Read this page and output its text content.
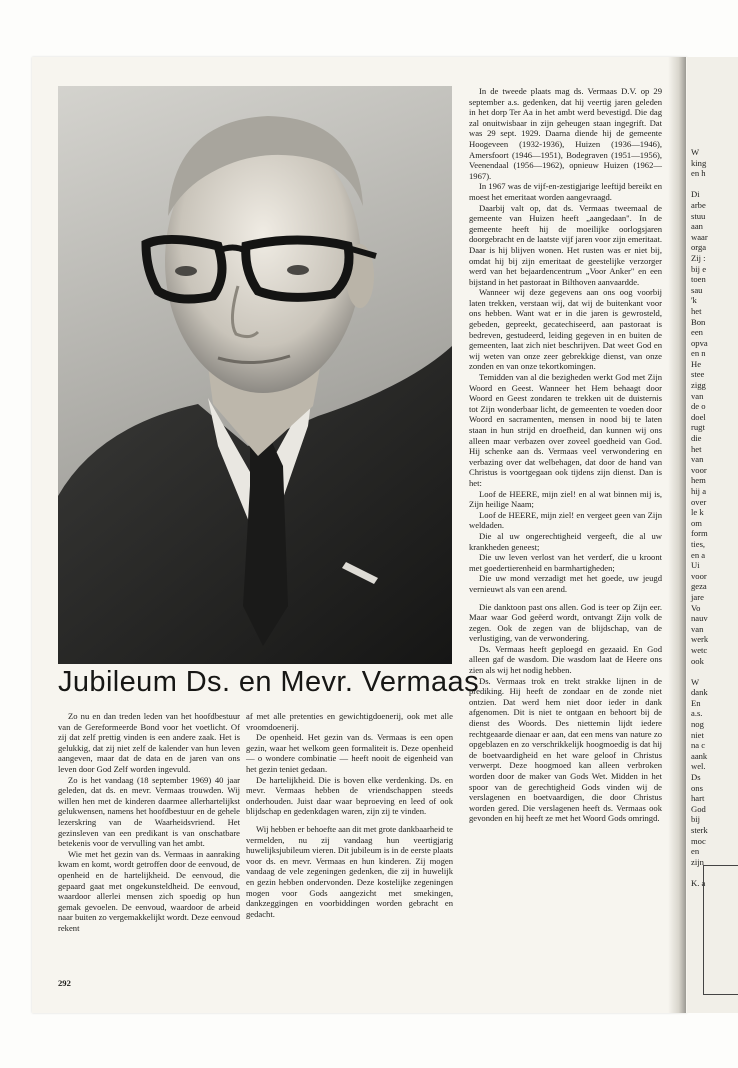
W
king
en h
Di
arbe
stuu
aan
waar
orga
Zij :
bij e
toen
sau
'k
het
Bon
een
opva
en n
He
stee
zigg
van
de o
doel
rugt
die
het
van
voor
hem
hij a
over
le k
om
form
ties,
en a
Ui
voor
geza
jare
Vo
nauv
van
werk
wetc
ook
W
dank
En
a.s.
nog
niet
na c
aank
wel.
Ds
ons
hart
God
bij
sterk
moc
en
zijn
K. a
Jubileum Ds. en Mevr. Vermaas

Zo nu en dan treden leden van het hoofdbestuur van de Gereformeerde Bond voor het voetlicht. Of zij dat zelf prettig vinden is een andere zaak. Het is gelukkig, dat zij niet zelf de kalender van hun leven aangeven, maar dat de data en de jaren van ons leven door God Zelf worden ingevuld.

Zo is het vandaag (18 september 1969) 40 jaar geleden, dat ds. en mevr. Vermaas trouwden. Wij willen hen met de kinderen daarmee allerhartelijkst gelukwensen, namens het hoofdbestuur en de gehele lezerskring van de Waarheidsvriend. Het gezinsleven van een predikant is van onschatbare betekenis voor de vervulling van het ambt.

Wie met het gezin van ds. Vermaas in aanraking kwam en komt, wordt getroffen door de eenvoud, de openheid en de hartelijkheid. De eenvoud, die gepaard gaat met ongekunsteldheid. De eenvoud, waardoor allerlei mensen zich spoedig op hun gemak gevoelen. De eenvoud, waardoor de arbeid naar buiten zo vergemakkelijkt wordt. Deze eenvoud rekent

af met alle pretenties en gewichtigdoenerij, ook met alle vroomdoenerij.

De openheid. Het gezin van ds. Vermaas is een open gezin, waar het welkom geen formaliteit is. Deze openheid — o wondere combinatie — heeft nooit de eigenheid van het gezin teniet gedaan.

De hartelijkheid. Die is boven elke verdenking. Ds. en mevr. Vermaas hebben de vriendschappen steeds onderhouden. Juist daar waar beproeving en leed of ook blijdschap en gedenkdagen waren, zijn zij te vinden.

Wij hebben er behoefte aan dit met grote dankbaarheid te vermelden, nu zij vandaag hun veertigjarig huwelijksjubileum vieren. Dit jubileum is in de eerste plaats voor ds. en mevr. Vermaas en hun kinderen. Zij mogen vandaag de vele zegeningen gedenken, die zij in huwelijk en gezin hebben ondervonden. Deze kostelijke zegeningen mogen voor Gods aangezicht met smekingen, dankzeggingen en voorbiddingen worden gebracht en gedacht.

In de tweede plaats mag ds. Vermaas D.V. op 29 september a.s. gedenken, dat hij veertig jaren geleden in het dorp Ter Aa in het ambt werd bevestigd. Die dag zal onuitwisbaar in zijn geheugen staan ingegrift. Dat was 29 sept. 1929. Daarna diende hij de gemeente Hoogeveen (1932-1936), Huizen (1936—1946), Amersfoort (1946—1951), Bodegraven (1951—1956), Veenendaal (1956—1962), opnieuw Huizen (1962—1967).

In 1967 was de vijf-en-zestigjarige leeftijd bereikt en moest het emeritaat worden aangevraagd.

Daarbij valt op, dat ds. Vermaas tweemaal de gemeente van Huizen heeft „aangedaan". In de gemeente heeft hij de moeilijke oorlogsjaren doorgebracht en de laatste vijf jaren voor zijn emeritaat. Daar is hij blijven wonen. Het rusten was er niet bij, omdat hij bij zijn emeritaat de geestelijke verzorger werd van het bejaardencentrum „Voor Anker" en een bijstand in het pastoraat in Bilthoven aanvaardde.

Wanneer wij deze gegevens aan ons oog voorbij laten trekken, verstaan wij, dat wij de buitenkant voor ons hebben. Want wat er in die jaren is gewrosteld, gebeden, gepreekt, gecatechiseerd, aan pastoraat is bedreven, gestudeerd, leiding gegeven in en buiten de gemeenten, laat zich niet beschrijven. Dat weet God en wij weten van onze zeer gebrekkige dienst, van onze zonden en van onze tekortkomingen.

Temidden van al die bezigheden werkt God met Zijn Woord en Geest. Wanneer het Hem behaagt door Woord en Geest zondaren te trekken uit de duisternis tot Zijn wonderbaar licht, de gemeenten te voeden door Woord en sacramenten, mensen in nood bij te laten staan in hun strijd en droefheid, dan kunnen wij ons alleen maar verbazen over zoveel goedheid van God. Hij schenke aan ds. Vermaas veel verwondering en verbazing over dat welbehagen, dat door de hand van Christus is voortgegaan ook tijdens zijn dienst. Dan is het:

Loof de HEERE, mijn ziel! en al wat binnen mij is, Zijn heilige Naam;

Loof de HEERE, mijn ziel! en vergeet geen van Zijn weldaden.

Die al uw ongerechtigheid vergeeft, die al uw krankheden geneest;

Die uw leven verlost van het verderf, die u kroont met goedertierenheid en barmhartigheden;

Die uw mond verzadigt met het goede, uw jeugd vernieuwt als van een arend.

Die danktoon past ons allen. God is teer op Zijn eer. Maar waar God geëerd wordt, ontvangt Zijn volk de zegen. Ook de zegen van de blijdschap, van de verlustiging, van de verwondering.

Ds. Vermaas heeft geploegd en gezaaid. En God alleen gaf de wasdom. Die wasdom laat de Heere ons zien als wij het nodig hebben.

Ds. Vermaas trok en trekt strakke lijnen in de prediking. Hij heeft de zondaar en de zonde niet ontzien. Dat werd hem niet door ieder in dank afgenomen. Dit is niet te ontgaan en behoort bij de dienst des Woords. Des niettemin lijdt iedere rechtgeaarde dienaar er aan, dat een mens van nature zo opgeblazen en zo verschrikkelijk hoogmoedig is dat hij de boetvaardigheid en het ware geloof in Christus verwerpt. Deze hoogmoed kan alleen verbroken worden door de maker van Gods Wet. Midden in het spoor van de gerechtigheid Gods vinden wij de verslagenen en boetvaardigen, die door Christus worden gered. Die verslagenen heeft ds. Vermaas ook gevonden en hij heeft ze met het Woord Gods omringd.

292
